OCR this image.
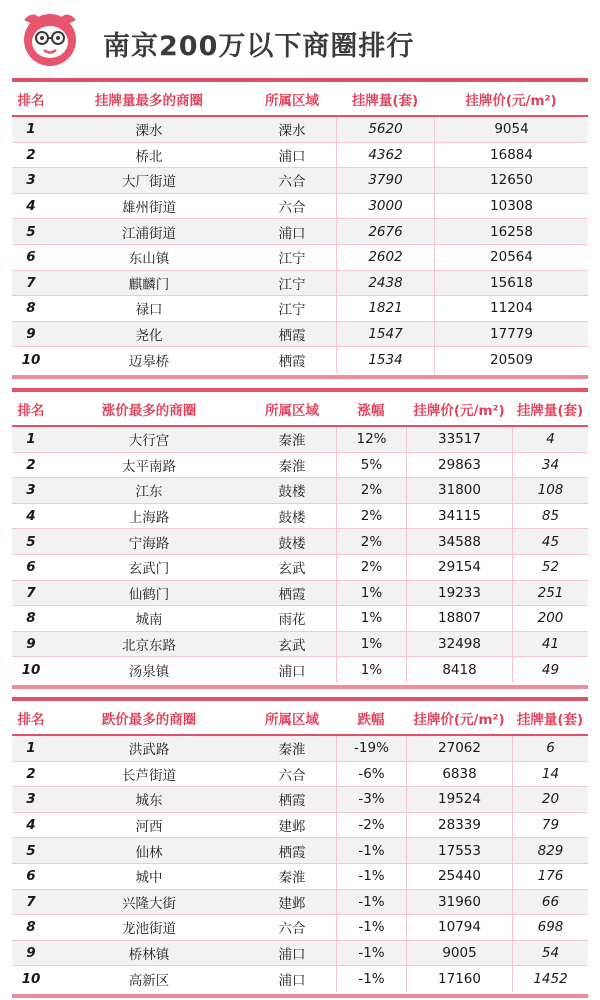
南京200万以下商圈排行
排名	挂牌量最多的商圈	所属区域	挂牌量(套)	挂牌价(元/m²)
1	溧水	溧水	5620	9054
2	桥北	浦口	4362	16884
3	大厂街道	六合	3790	12650
4	雄州街道	六合	3000	10308
5	江浦街道	浦口	2676	16258
6	东山镇	江宁	2602	20564
7	麒麟门	江宁	2438	15618
8	禄口	江宁	1821	11204
9	尧化	栖霞	1547	17779
10	迈皋桥	栖霞	1534	20509
排名	涨价最多的商圈	所属区域	涨幅	挂牌价(元/m²) 挂牌量(套)
1	大行宫	秦淮	12%	33517	4
2	太平南路	秦淮	5%	29863	34
3	江东	鼓楼	2%	31800	108
4	上海路	鼓楼	2%	34115	85
5	宁海路	鼓楼	2%	34588	45
6	玄武门	玄武	2%	29154	52
7	仙鹤门	栖霞	1%	19233	251
8	城南	雨花	1%	18807	200
9	北京东路	玄武	1%	32498	41
10	汤泉镇	浦口	1%	8418	49
排名	跌价最多的商圈	所属区域	跌幅	挂牌价(元/m²) 挂牌量(套)
1	洪武路	秦淮	-19%	27062	6
2	长芦街道	六合	-6%	6838	14
3	城东	栖霞	-3%	19524	20
4	河西	建邺	-2%	28339	79
5	仙林	栖霞	-1%	17553	829
6	城中	秦淮	-1%	25440	176
7	兴隆大街	建邺	-1%	31960	66
8	龙池街道	六合	-1%	10794	698
9	桥林镇	浦口	-1%	9005	54
10	高新区	浦口	-1%	17160	1452
